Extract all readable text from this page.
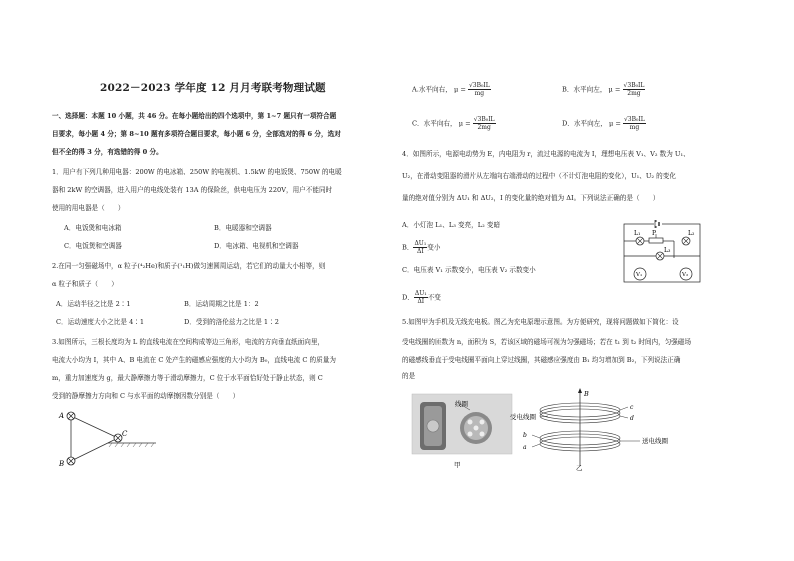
2022－2023 学年度 12 月月考联考物理试题
一、选择题：本题 10 小题，共 46 分。在每小题给出的四个选项中，第 1~7 题只有一项符合题
目要求，每小题 4 分；第 8~10 题有多项符合题目要求，每小题 6 分，全部选对的得 6 分，选对
但不全的得 3 分，有选错的得 0 分。
1．用户有下列几种用电器：200W 的电冰箱、250W 的电视机、1.5kW 的电饭煲、750W 的电暖
器和 2kW 的空调器，进入用户的电线处装有 13A 的保险丝，供电电压为 220V，用户不能同时
使用的用电器是（　　）
A．电饭煲和电冰箱	B．电暖器和空调器
C．电饭煲和空调器	D．电冰箱、电视机和空调器
2.在同一匀强磁场中，α 粒子(⁴₂He)和质子(¹₁H)做匀速圆周运动，若它们的动量大小相等，则
α 粒子和质子（　　）
A．运动半径之比是 2∶1	B．运动周期之比是 1：2
C．运动速度大小之比是 4∶1	D．受到的洛伦兹力之比是 1∶2
3.如图所示，三根长度均为 L 的直线电流在空间构成等边三角形，电流的方向垂直纸面向里，
电流大小均为 I，其中 A、B 电流在 C 处产生的磁感应强度的大小均为 B₀，直线电流 C 的质量为
m，重力加速度为 g，最大静摩擦力等于滑动摩擦力，C 位于水平面恰好处于静止状态，则 C
受到的静摩擦力方向和 C 与水平面的动摩擦因数分别是（　　）
A
B
C
A.水平向右， $\mu = \frac{\text{√3B₀IL}}{mg}$	B．水平向左， $\mu = \frac{\text{√3B₀IL}}{2mg}$
C．水平向右， $\mu = \frac{\text{√3B₀IL}}{2mg}$	D．水平向左， $\mu = \frac{\text{√3B₀IL}}{mg}$
4．如图所示，电源电动势为 E，内电阻为 r，流过电源的电流为 I，理想电压表 V₁、V₂ 数为 U₁、
U₂，在滑动变阻器的滑片从左端向右端滑动的过程中（不计灯泡电阻的变化），U₁、U₂ 的变化
量的绝对值分别为 ΔU₁ 和 ΔU₂，I 的变化量的绝对值为 ΔI。下列说法正确的是（　　）
A．小灯泡 L₁、L₃ 变亮，L₂ 变暗
B． $\frac{\text{ΔU₁}}{\Delta I}$ 变小
C．电压表 V₁ 示数变小，电压表 V₂ 示数变小
D． $\frac{\text{ΔU₁}}{\Delta I}$ 不变
L₁	L₂
L₃
P
V₁	V₂
5.如图甲为手机及无线充电板。图乙为充电原理示意图。为方便研究，现将问题做如下简化：设
受电线圈的匝数为 n，面积为 S，若该区域的磁场可视为匀强磁场；若在 t₁ 到 t₂ 时间内，匀强磁场
的磁感线垂直于受电线圈平面向上穿过线圈，其磁感应强度由 B₁ 均匀增加到 B₂，下列说法正确
的是
线圈
甲
B
c
d
b
a
受电线圈
送电线圈
乙
